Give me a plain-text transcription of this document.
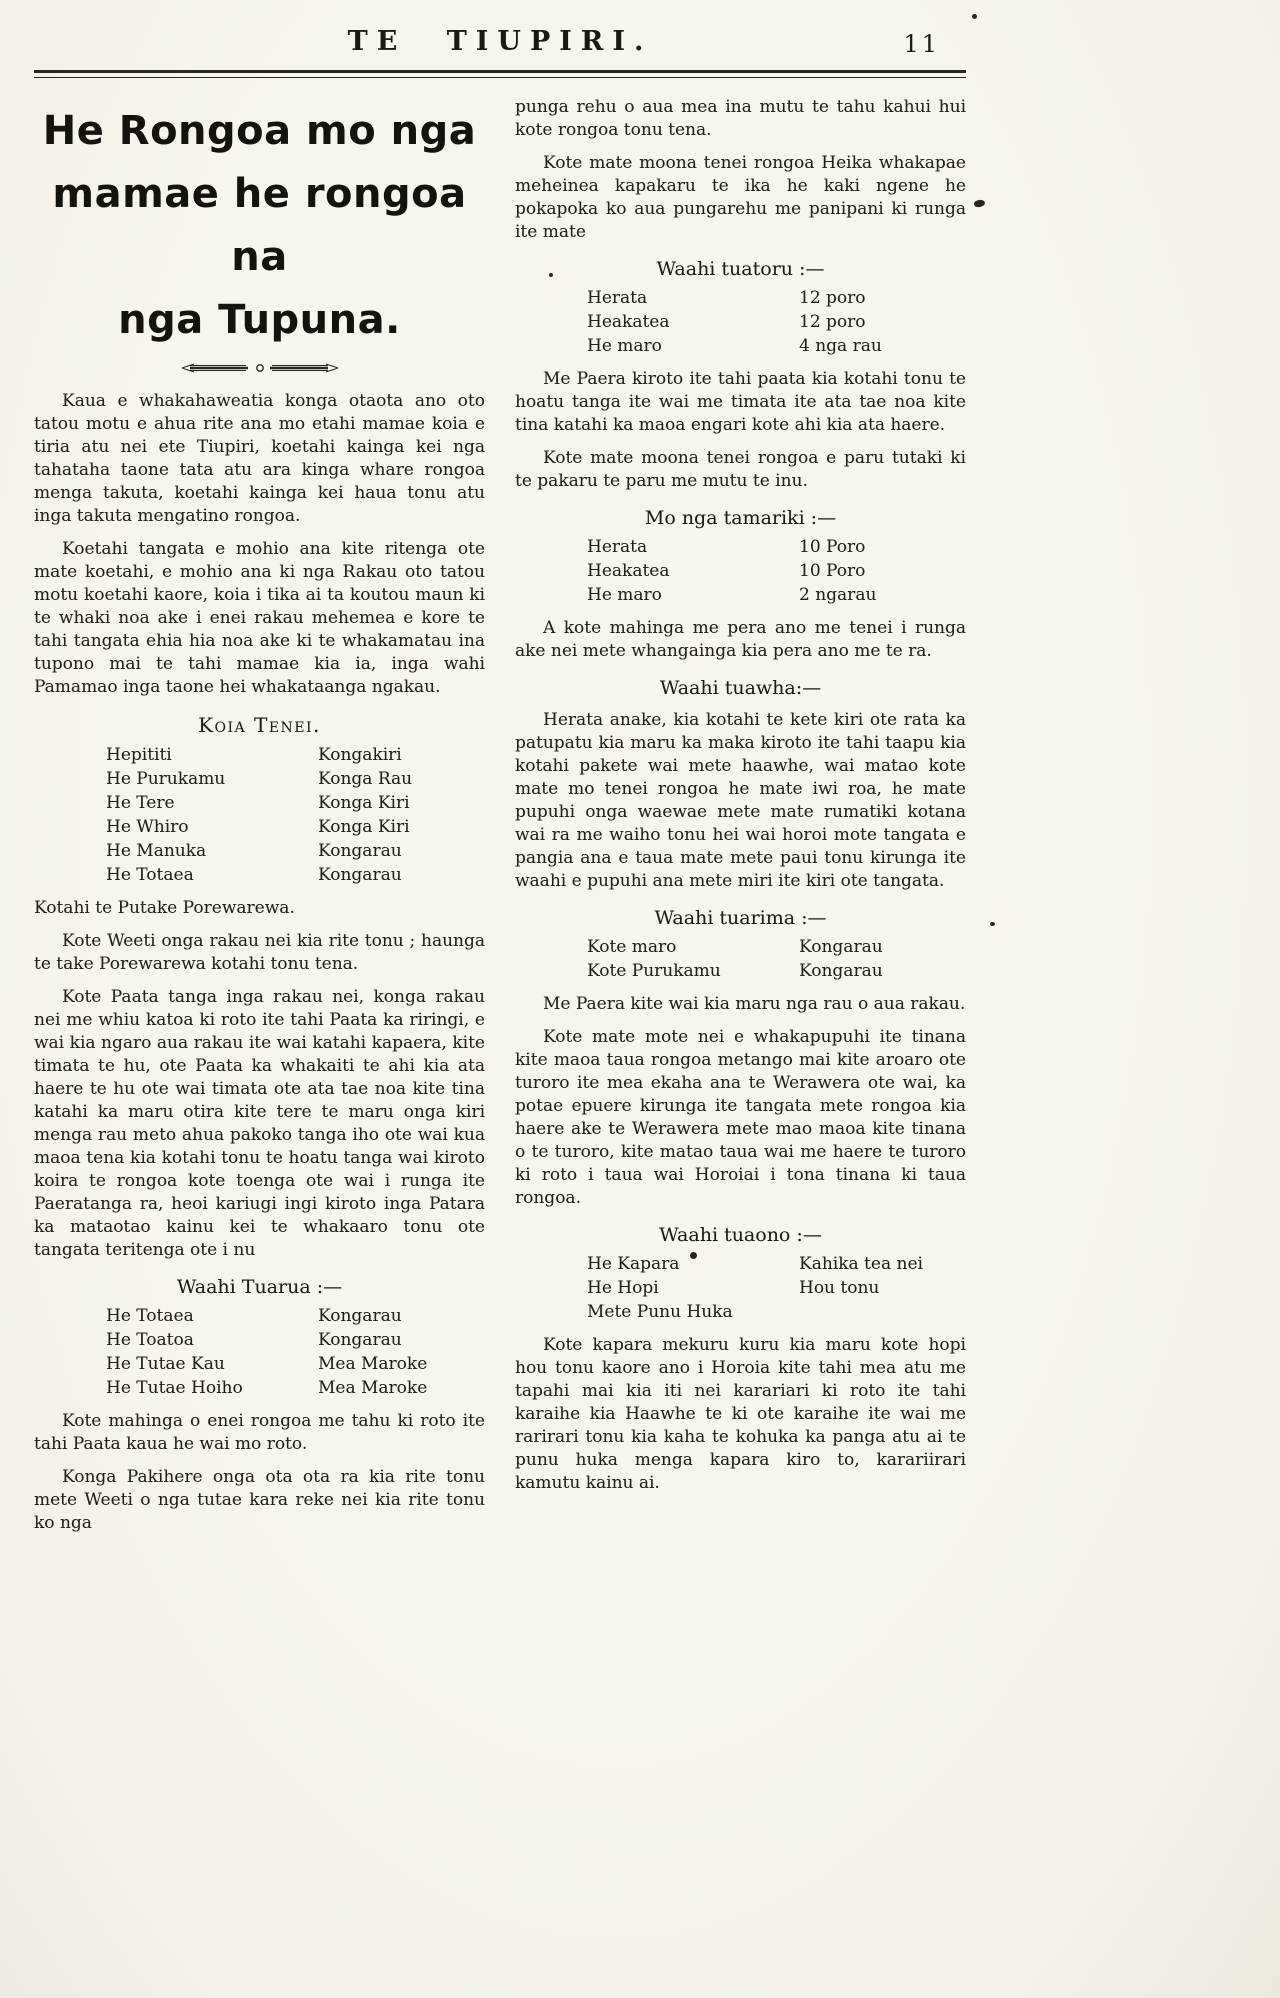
TE TIUPIRI.	11
He Rongoa mo nga
mamae he rongoa na
nga Tupuna.

Kaua e whakahaweatia konga otaota ano oto tatou motu e ahua rite ana mo etahi mamae koia e tiria atu nei ete Tiupiri, koetahi kainga kei nga tahataha taone tata atu ara kinga whare rongoa menga takuta, koetahi kainga kei haua tonu atu inga takuta mengatino rongoa.

Koetahi tangata e mohio ana kite ritenga ote mate koetahi, e mohio ana ki nga Rakau oto tatou motu koetahi kaore, koia i tika ai ta koutou maun ki te whaki noa ake i enei rakau mehemea e kore te tahi tangata ehia hia noa ake ki te whakamatau ina tupono mai te tahi mamae kia ia, inga wahi Pamamao inga taone hei whakataanga ngakau.

Koia Tenei.
Hepititi	Kongakiri
He Purukamu	Konga Rau
He Tere	Konga Kiri
He Whiro	Konga Kiri
He Manuka	Kongarau
He Totaea	Kongarau
Kotahi te Putake Porewarewa.

Kote Weeti onga rakau nei kia rite tonu ; haunga te take Porewarewa kotahi tonu tena.

Kote Paata tanga inga rakau nei, konga rakau nei me whiu katoa ki roto ite tahi Paata ka riringi, e wai kia ngaro aua rakau ite wai katahi kapaera, kite timata te hu, ote Paata ka whakaiti te ahi kia ata haere te hu ote wai timata ote ata tae noa kite tina katahi ka maru otira kite tere te maru onga kiri menga rau meto ahua pakoko tanga iho ote wai kua maoa tena kia kotahi tonu te hoatu tanga wai kiroto koira te rongoa kote toenga ote wai i runga ite Paeratanga ra, heoi kariugi ingi kiroto inga Patara ka mataotao kainu kei te whakaaro tonu ote tangata teritenga ote i nu

Waahi Tuarua :—
He Totaea	Kongarau
He Toatoa	Kongarau
He Tutae Kau	Mea Maroke
He Tutae Hoiho	Mea Maroke

Kote mahinga o enei rongoa me tahu ki roto ite tahi Paata kaua he wai mo roto.

Konga Pakihere onga ota ota ra kia rite tonu mete Weeti o nga tutae kara reke nei kia rite tonu ko nga

punga rehu o aua mea ina mutu te tahu kahui hui kote rongoa tonu tena.

Kote mate moona tenei rongoa Heika whakapae meheinea kapakaru te ika he kaki ngene he pokapoka ko aua pungarehu me panipani ki runga ite mate

Waahi tuatoru :—
Herata	12 poro
Heakatea	12 poro
He maro	4 nga rau

Me Paera kiroto ite tahi paata kia kotahi tonu te hoatu tanga ite wai me timata ite ata tae noa kite tina katahi ka maoa engari kote ahi kia ata haere.

Kote mate moona tenei rongoa e paru tutaki ki te pakaru te paru me mutu te inu.

Mo nga tamariki :—
Herata	10 Poro
Heakatea	10 Poro
He maro	2 ngarau

A kote mahinga me pera ano me tenei i runga ake nei mete whangainga kia pera ano me te ra.

Waahi tuawha:—

Herata anake, kia kotahi te kete kiri ote rata ka patupatu kia maru ka maka kiroto ite tahi taapu kia kotahi pakete wai mete haawhe, wai matao kote mate mo tenei rongoa he mate iwi roa, he mate pupuhi onga waewae mete mate rumatiki kotana wai ra me waiho tonu hei wai horoi mote tangata e pangia ana e taua mate mete paui tonu kirunga ite waahi e pupuhi ana mete miri ite kiri ote tangata.

Waahi tuarima :—
Kote maro	Kongarau
Kote Purukamu	Kongarau

Me Paera kite wai kia maru nga rau o aua rakau.

Kote mate mote nei e whakapupuhi ite tinana kite maoa taua rongoa metango mai kite aroaro ote turoro ite mea ekaha ana te Werawera ote wai, ka potae epuere kirunga ite tangata mete rongoa kia haere ake te Werawera mete mao maoa kite tinana o te turoro, kite matao taua wai me haere te turoro ki roto i taua wai Horoiai i tona tinana ki taua rongoa.

Waahi tuaono :—
He Kapara	Kahika tea nei
He Hopi	Hou tonu
Mete Punu Huka

Kote kapara mekuru kuru kia maru kote hopi hou tonu kaore ano i Horoia kite tahi mea atu me tapahi mai kia iti nei karariari ki roto ite tahi karaihe kia Haawhe te ki ote karaihe ite wai me rarirari tonu kia kaha te kohuka ka panga atu ai te punu huka menga kapara kiro to, karariirari kamutu kainu ai.
